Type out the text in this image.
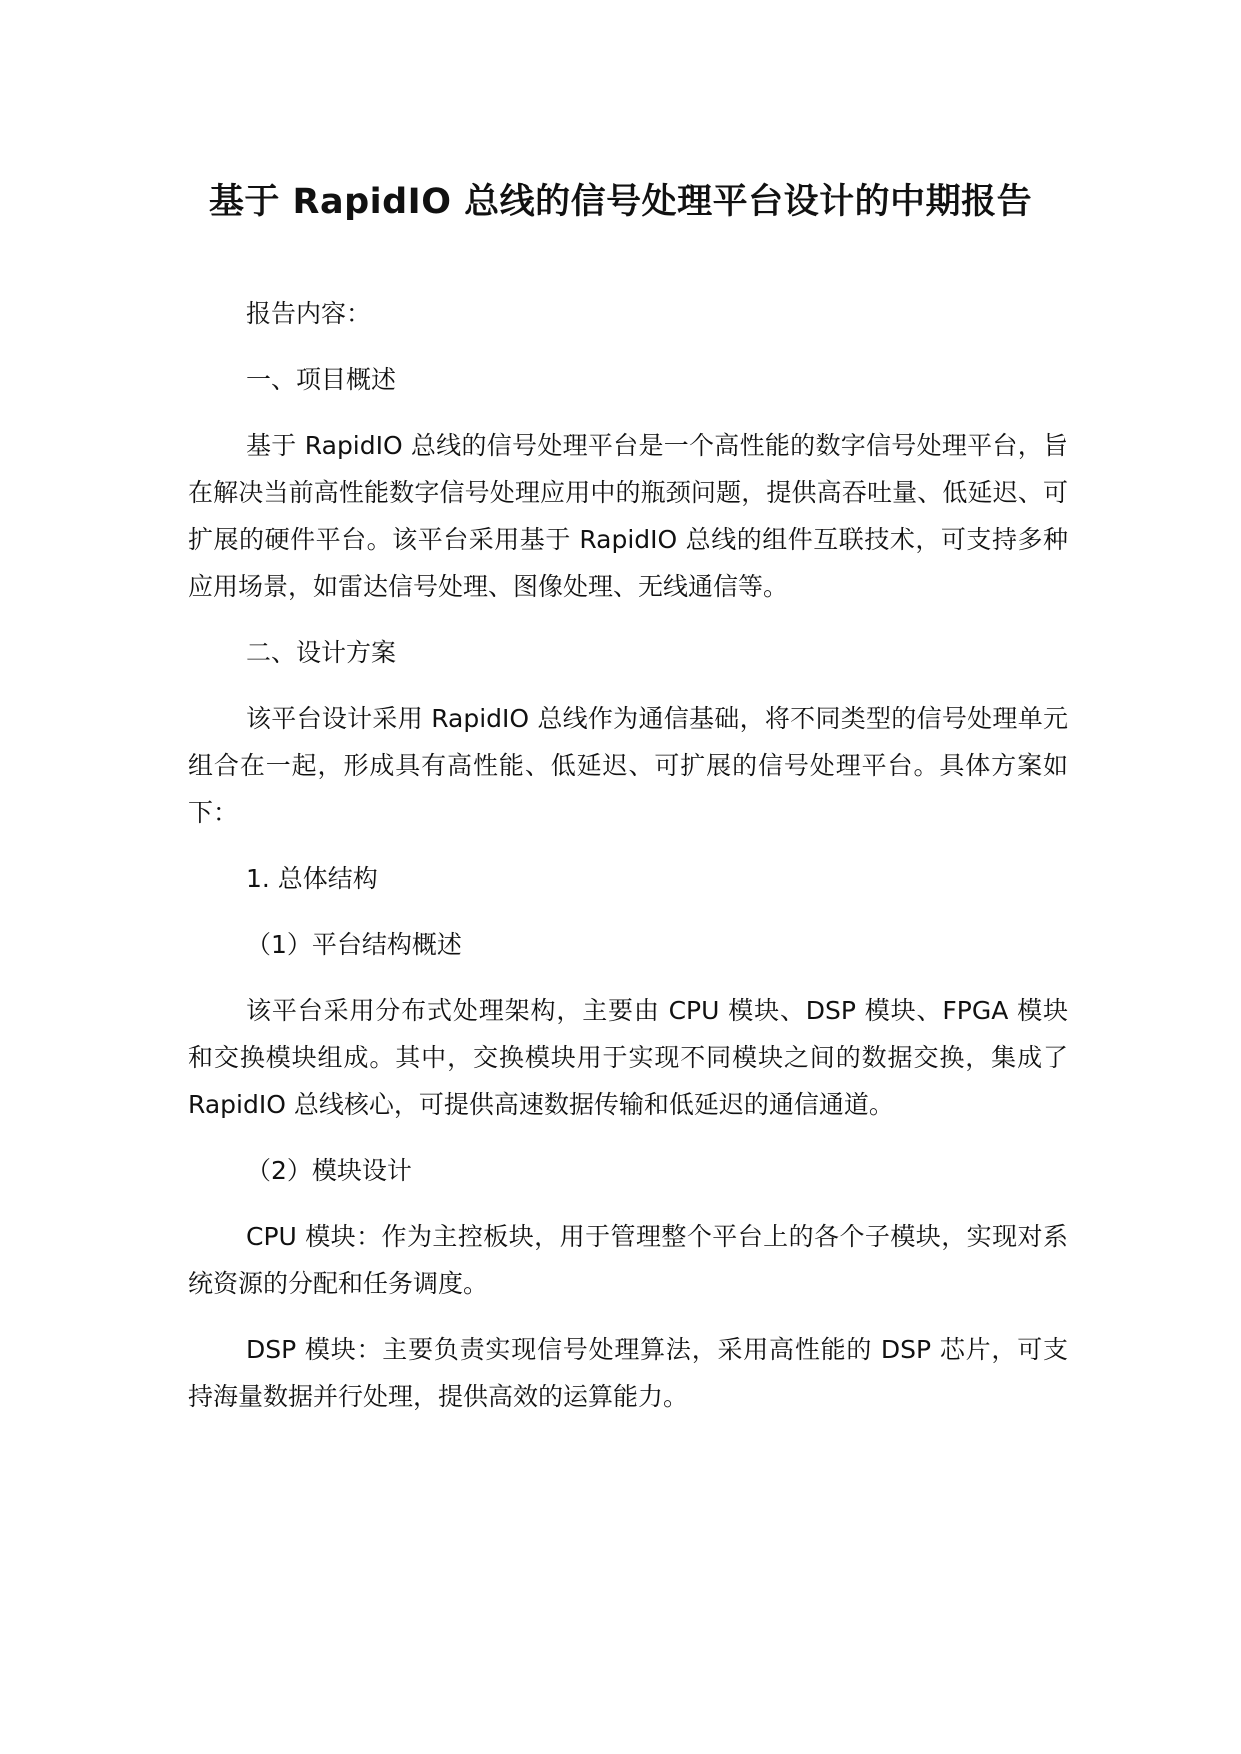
基于 RapidIO 总线的信号处理平台设计的中期报告

报告内容：

一、项目概述

基于 RapidIO 总线的信号处理平台是一个高性能的数字信号处理平台，旨在解决当前高性能数字信号处理应用中的瓶颈问题，提供高吞吐量、低延迟、可扩展的硬件平台。该平台采用基于 RapidIO 总线的组件互联技术，可支持多种应用场景，如雷达信号处理、图像处理、无线通信等。

二、设计方案

该平台设计采用 RapidIO 总线作为通信基础，将不同类型的信号处理单元组合在一起，形成具有高性能、低延迟、可扩展的信号处理平台。具体方案如下：

1. 总体结构

（1）平台结构概述

该平台采用分布式处理架构，主要由 CPU 模块、DSP 模块、FPGA 模块和交换模块组成。其中，交换模块用于实现不同模块之间的数据交换，集成了 RapidIO 总线核心，可提供高速数据传输和低延迟的通信通道。

（2）模块设计

CPU 模块：作为主控板块，用于管理整个平台上的各个子模块，实现对系统资源的分配和任务调度。

DSP 模块：主要负责实现信号处理算法，采用高性能的 DSP 芯片，可支持海量数据并行处理，提供高效的运算能力。
